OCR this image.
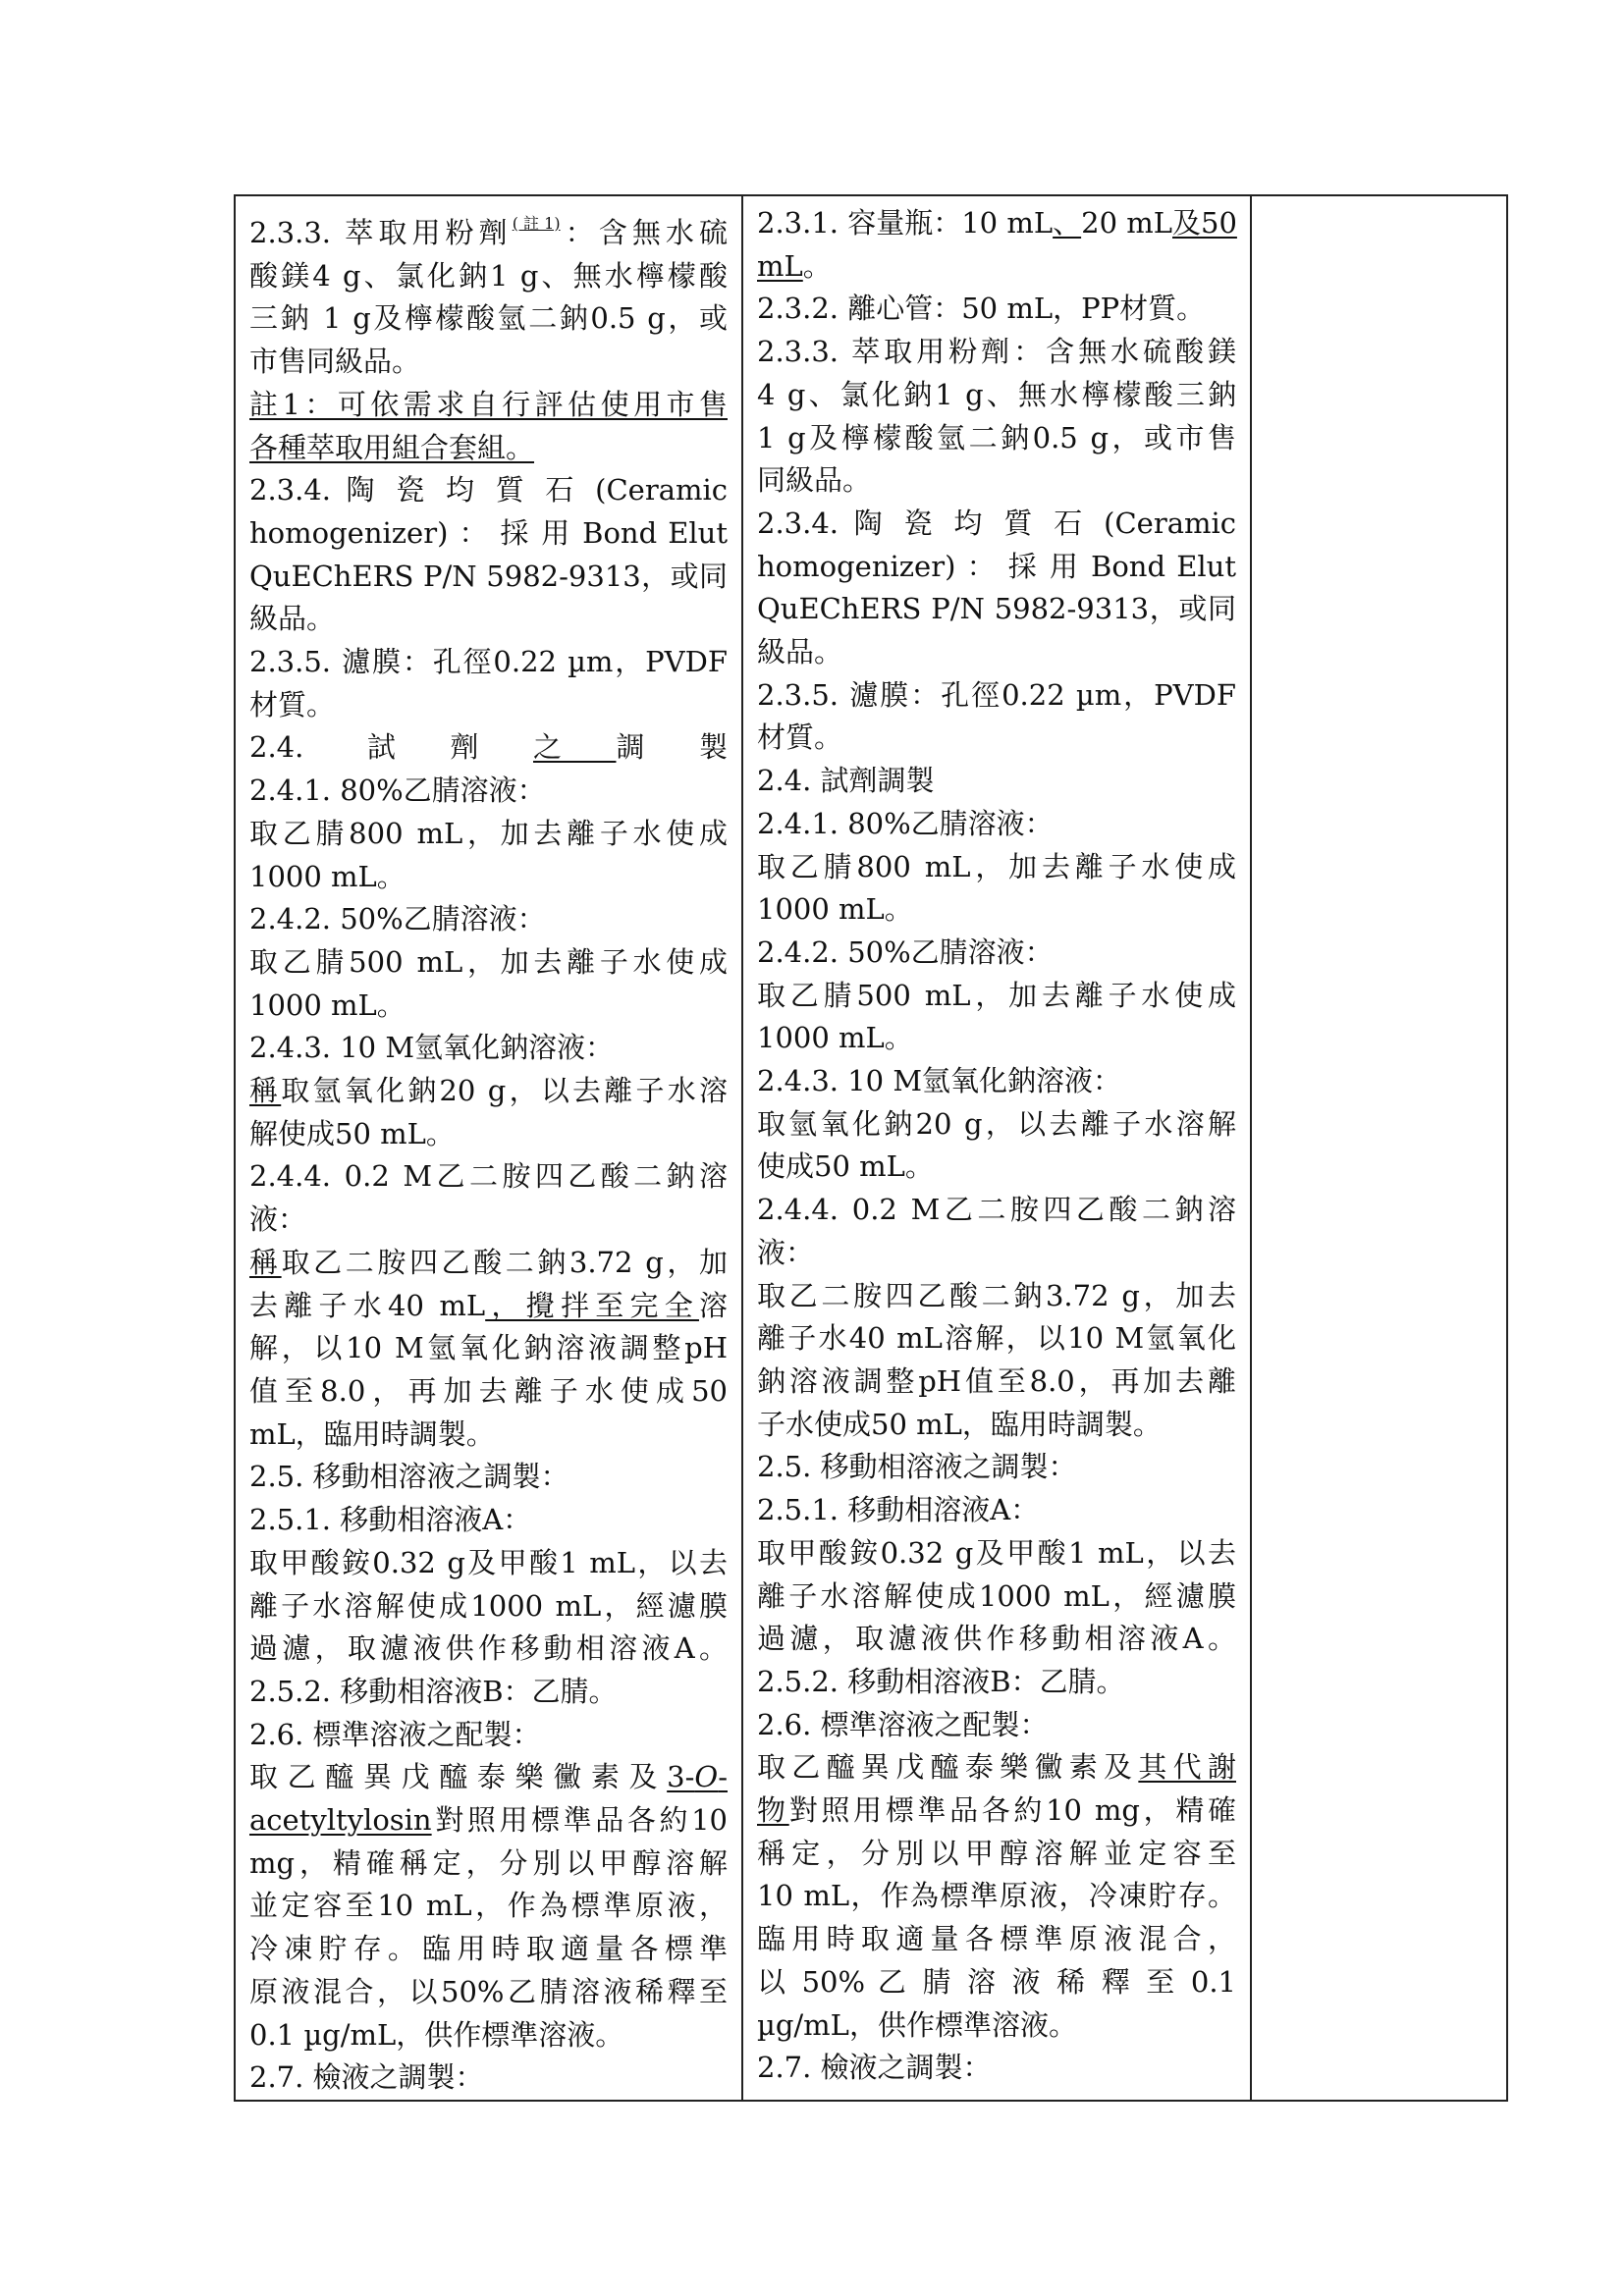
2.3.3. 萃取用粉劑$^{(註1)}$：含無水硫
酸鎂4 g、氯化鈉1 g、無水檸檬酸
三鈉 1 g及檸檬酸氫二鈉0.5 g，或
市售同級品。
註1：可依需求自行評估使用市售
各種萃取用組合套組。
2.3.4. 陶 瓷 均 質 石 (Ceramic
homogenizer) ： 採 用 Bond Elut
QuEChERS P/N 5982-9313，或同
級品。
2.3.5. 濾膜：孔徑0.22 µm，PVDF
材質。
2.4. 試劑之調製
2.4.1. 80%乙腈溶液：
取乙腈800 mL，加去離子水使成
1000 mL。
2.4.2. 50%乙腈溶液：
取乙腈500 mL，加去離子水使成
1000 mL。
2.4.3. 10 M氫氧化鈉溶液：
稱取氫氧化鈉20 g，以去離子水溶
解使成50 mL。
2.4.4. 0.2 M乙二胺四乙酸二鈉溶
液：
稱取乙二胺四乙酸二鈉3.72 g，加
去離子水40 mL，攪拌至完全溶
解，以10 M氫氧化鈉溶液調整pH
值至8.0，再加去離子水使成50
mL，臨用時調製。
2.5. 移動相溶液之調製：
2.5.1. 移動相溶液A：
取甲酸銨0.32 g及甲酸1 mL，以去
離子水溶解使成1000 mL，經濾膜
過濾，取濾液供作移動相溶液A。
2.5.2. 移動相溶液B：乙腈。
2.6. 標準溶液之配製：
取乙醯異戊醯泰樂黴素及3-O-
acetyltylosin對照用標準品各約10
mg，精確稱定，分別以甲醇溶解
並定容至10 mL，作為標準原液，
冷凍貯存。臨用時取適量各標準
原液混合，以50%乙腈溶液稀釋至
0.1 µg/mL，供作標準溶液。
2.7. 檢液之調製：

2.3.1. 容量瓶：10 mL、20 mL及50
mL。
2.3.2. 離心管：50 mL，PP材質。
2.3.3. 萃取用粉劑：含無水硫酸鎂
4 g、氯化鈉1 g、無水檸檬酸三鈉
1 g及檸檬酸氫二鈉0.5 g，或市售
同級品。
2.3.4. 陶 瓷 均 質 石 (Ceramic
homogenizer) ： 採 用 Bond Elut
QuEChERS P/N 5982-9313，或同
級品。
2.3.5. 濾膜：孔徑0.22 µm，PVDF
材質。
2.4. 試劑調製
2.4.1. 80%乙腈溶液：
取乙腈800 mL，加去離子水使成
1000 mL。
2.4.2. 50%乙腈溶液：
取乙腈500 mL，加去離子水使成
1000 mL。
2.4.3. 10 M氫氧化鈉溶液：
取氫氧化鈉20 g，以去離子水溶解
使成50 mL。
2.4.4. 0.2 M乙二胺四乙酸二鈉溶
液：
取乙二胺四乙酸二鈉3.72 g，加去
離子水40 mL溶解，以10 M氫氧化
鈉溶液調整pH值至8.0，再加去離
子水使成50 mL，臨用時調製。
2.5. 移動相溶液之調製：
2.5.1. 移動相溶液A：
取甲酸銨0.32 g及甲酸1 mL，以去
離子水溶解使成1000 mL，經濾膜
過濾，取濾液供作移動相溶液A。
2.5.2. 移動相溶液B：乙腈。
2.6. 標準溶液之配製：
取乙醯異戊醯泰樂黴素及其代謝
物對照用標準品各約10 mg，精確
稱定，分別以甲醇溶解並定容至
10 mL，作為標準原液，冷凍貯存。
臨用時取適量各標準原液混合，
以 50% 乙 腈 溶 液 稀 釋 至 0.1
µg/mL，供作標準溶液。
2.7. 檢液之調製：
